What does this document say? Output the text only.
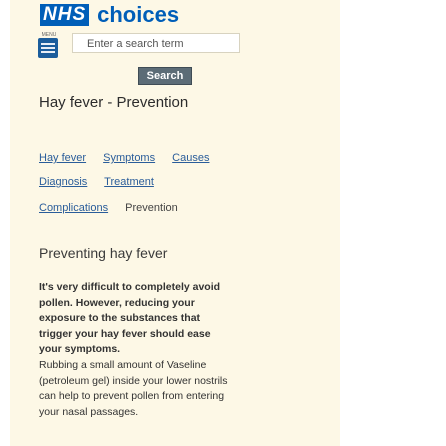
NHS choices
MENU
Enter a search term
Search
Hay fever - Prevention
Hay fever Symptoms Causes
Diagnosis Treatment
Complications Prevention
Preventing hay fever
It's very difficult to completely avoid pollen. However, reducing your exposure to the substances that trigger your hay fever should ease your symptoms.
Rubbing a small amount of Vaseline (petroleum gel) inside your lower nostrils can help to prevent pollen from entering your nasal passages.
